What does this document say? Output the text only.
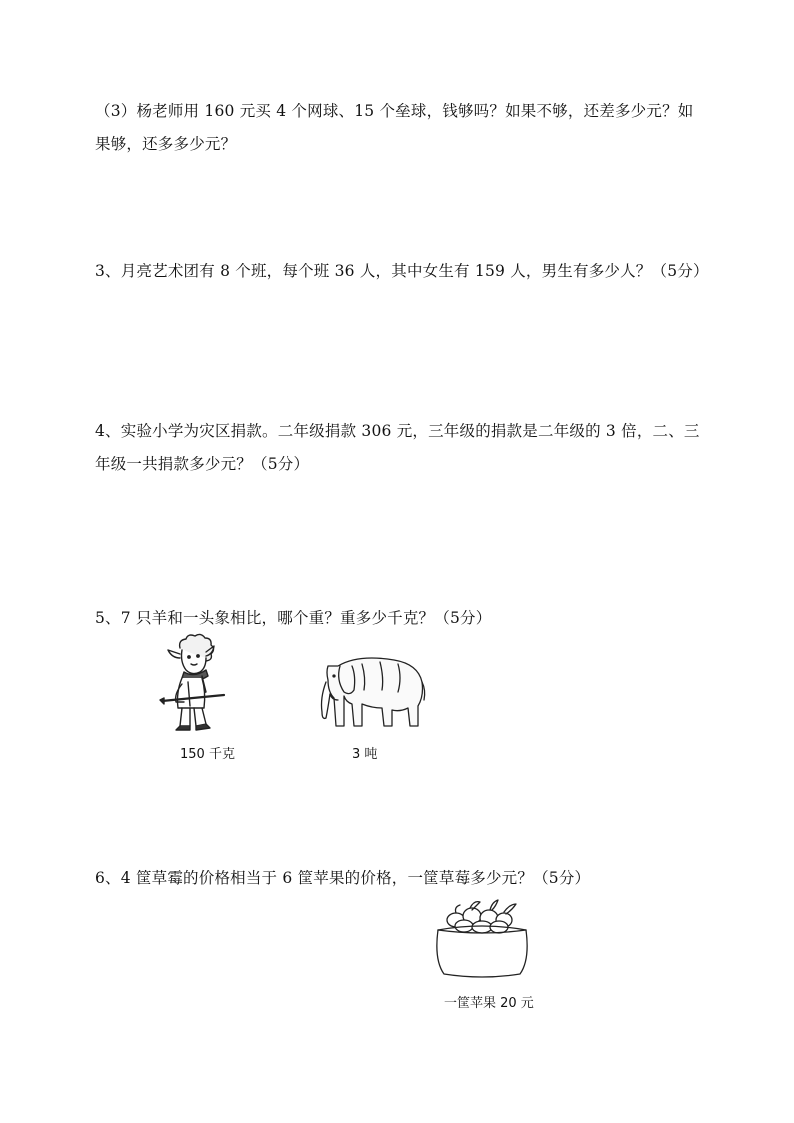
（3）杨老师用 160 元买 4 个网球、15 个垒球，钱够吗？如果不够，还差多少元？如果够，还多多少元？
3、月亮艺术团有 8 个班，每个班 36 人，其中女生有 159 人，男生有多少人？（5分）
4、实验小学为灾区捐款。二年级捐款 306 元，三年级的捐款是二年级的 3 倍，二、三年级一共捐款多少元？（5分）
5、7 只羊和一头象相比，哪个重？重多少千克？（5分）
150 千克	3 吨
6、4 筐草霉的价格相当于 6 筐苹果的价格，一筐草莓多少元？（5分）
一筐苹果 20 元
